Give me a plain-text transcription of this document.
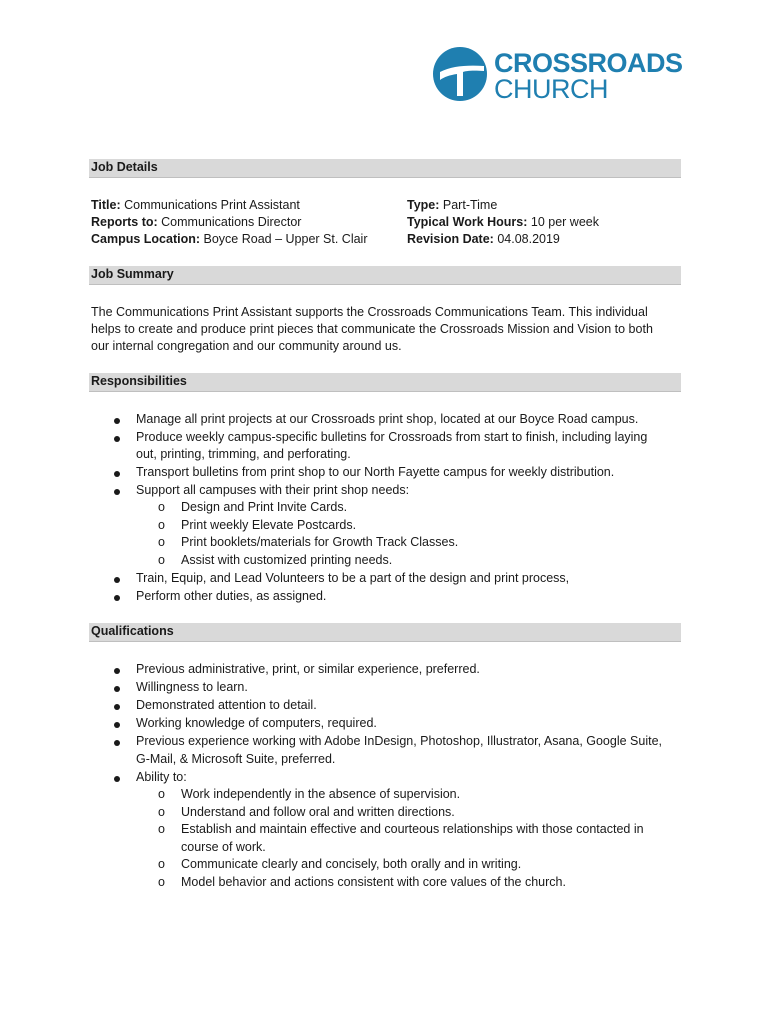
CROSSROADS
CHURCH
Job Details
Title: Communications Print Assistant
Reports to: Communications Director
Campus Location: Boyce Road – Upper St. Clair
Type: Part-Time
Typical Work Hours: 10 per week
Revision Date: 04.08.2019
Job Summary
The Communications Print Assistant supports the Crossroads Communications Team. This individual
helps to create and produce print pieces that communicate the Crossroads Mission and Vision to both
our internal congregation and our community around us.
Responsibilities
Manage all print projects at our Crossroads print shop, located at our Boyce Road campus.
Produce weekly campus-specific bulletins for Crossroads from start to finish, including laying
out, printing, trimming, and perforating.
Transport bulletins from print shop to our North Fayette campus for weekly distribution.
Support all campuses with their print shop needs:
o Design and Print Invite Cards.
o Print weekly Elevate Postcards.
o Print booklets/materials for Growth Track Classes.
o Assist with customized printing needs.
Train, Equip, and Lead Volunteers to be a part of the design and print process,
Perform other duties, as assigned.
Qualifications
Previous administrative, print, or similar experience, preferred.
Willingness to learn.
Demonstrated attention to detail.
Working knowledge of computers, required.
Previous experience working with Adobe InDesign, Photoshop, Illustrator, Asana, Google Suite,
G-Mail, & Microsoft Suite, preferred.
Ability to:
o Work independently in the absence of supervision.
o Understand and follow oral and written directions.
o Establish and maintain effective and courteous relationships with those contacted in
course of work.
o Communicate clearly and concisely, both orally and in writing.
o Model behavior and actions consistent with core values of the church.
